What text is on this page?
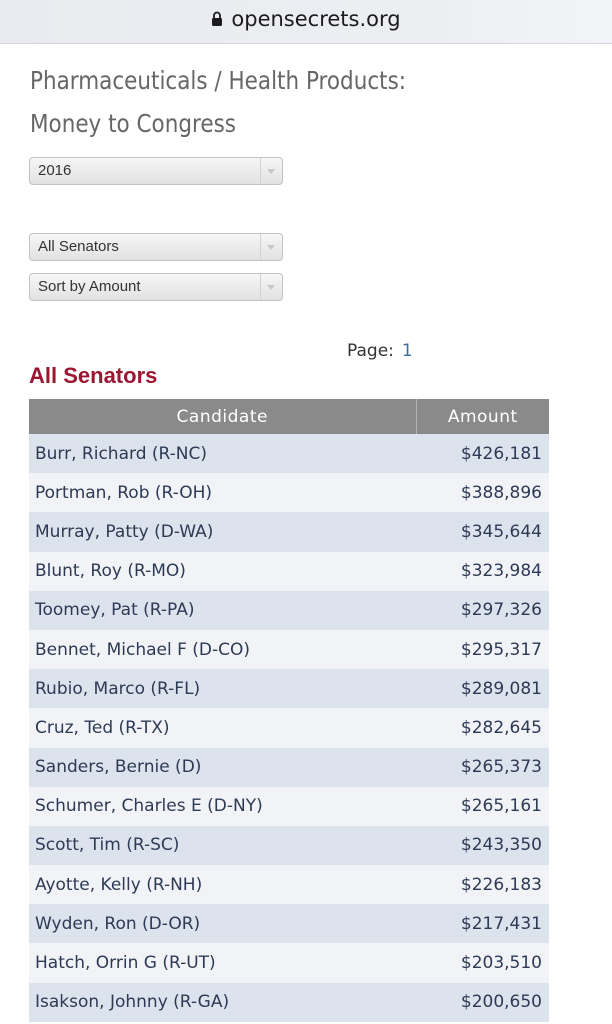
opensecrets.org
Pharmaceuticals / Health Products:
Money to Congress
2016
All Senators
Sort by Amount
Page: 1
All Senators
Candidate	Amount
Burr, Richard (R-NC)	$426,181
Portman, Rob (R-OH)	$388,896
Murray, Patty (D-WA)	$345,644
Blunt, Roy (R-MO)	$323,984
Toomey, Pat (R-PA)	$297,326
Bennet, Michael F (D-CO)	$295,317
Rubio, Marco (R-FL)	$289,081
Cruz, Ted (R-TX)	$282,645
Sanders, Bernie (D)	$265,373
Schumer, Charles E (D-NY)	$265,161
Scott, Tim (R-SC)	$243,350
Ayotte, Kelly (R-NH)	$226,183
Wyden, Ron (D-OR)	$217,431
Hatch, Orrin G (R-UT)	$203,510
Isakson, Johnny (R-GA)	$200,650
